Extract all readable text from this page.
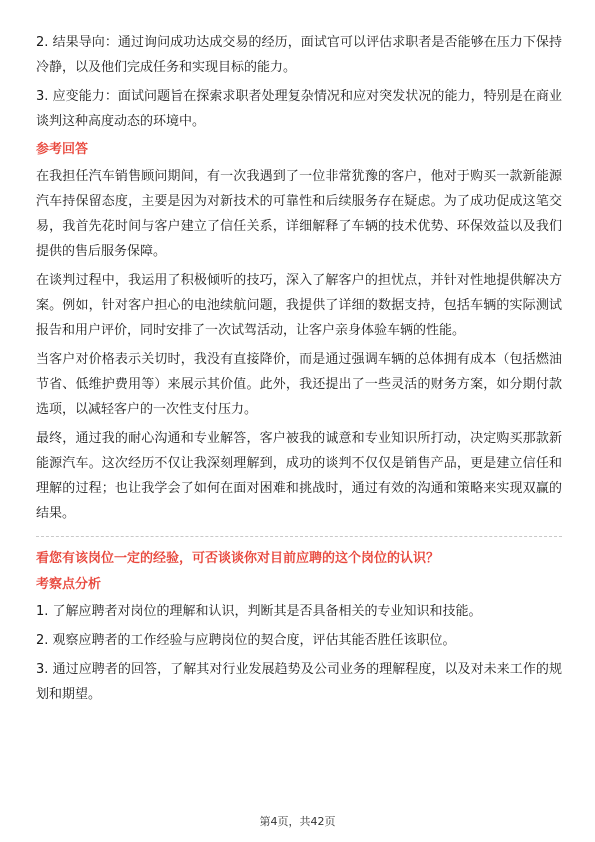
2. 结果导向：通过询问成功达成交易的经历，面试官可以评估求职者是否能够在压力下保持冷静，以及他们完成任务和实现目标的能力。

3. 应变能力：面试问题旨在探索求职者处理复杂情况和应对突发状况的能力，特别是在商业谈判这种高度动态的环境中。

参考回答

在我担任汽车销售顾问期间，有一次我遇到了一位非常犹豫的客户，他对于购买一款新能源汽车持保留态度，主要是因为对新技术的可靠性和后续服务存在疑虑。为了成功促成这笔交易，我首先花时间与客户建立了信任关系，详细解释了车辆的技术优势、环保效益以及我们提供的售后服务保障。

在谈判过程中，我运用了积极倾听的技巧，深入了解客户的担忧点，并针对性地提供解决方案。例如，针对客户担心的电池续航问题，我提供了详细的数据支持，包括车辆的实际测试报告和用户评价，同时安排了一次试驾活动，让客户亲身体验车辆的性能。

当客户对价格表示关切时，我没有直接降价，而是通过强调车辆的总体拥有成本（包括燃油节省、低维护费用等）来展示其价值。此外，我还提出了一些灵活的财务方案，如分期付款选项，以减轻客户的一次性支付压力。

最终，通过我的耐心沟通和专业解答，客户被我的诚意和专业知识所打动，决定购买那款新能源汽车。这次经历不仅让我深刻理解到，成功的谈判不仅仅是销售产品，更是建立信任和理解的过程；也让我学会了如何在面对困难和挑战时，通过有效的沟通和策略来实现双赢的结果。

看您有该岗位一定的经验，可否谈谈你对目前应聘的这个岗位的认识？
考察点分析

1. 了解应聘者对岗位的理解和认识，判断其是否具备相关的专业知识和技能。

2. 观察应聘者的工作经验与应聘岗位的契合度，评估其能否胜任该职位。

3. 通过应聘者的回答，了解其对行业发展趋势及公司业务的理解程度，以及对未来工作的规划和期望。

第4页，共42页
